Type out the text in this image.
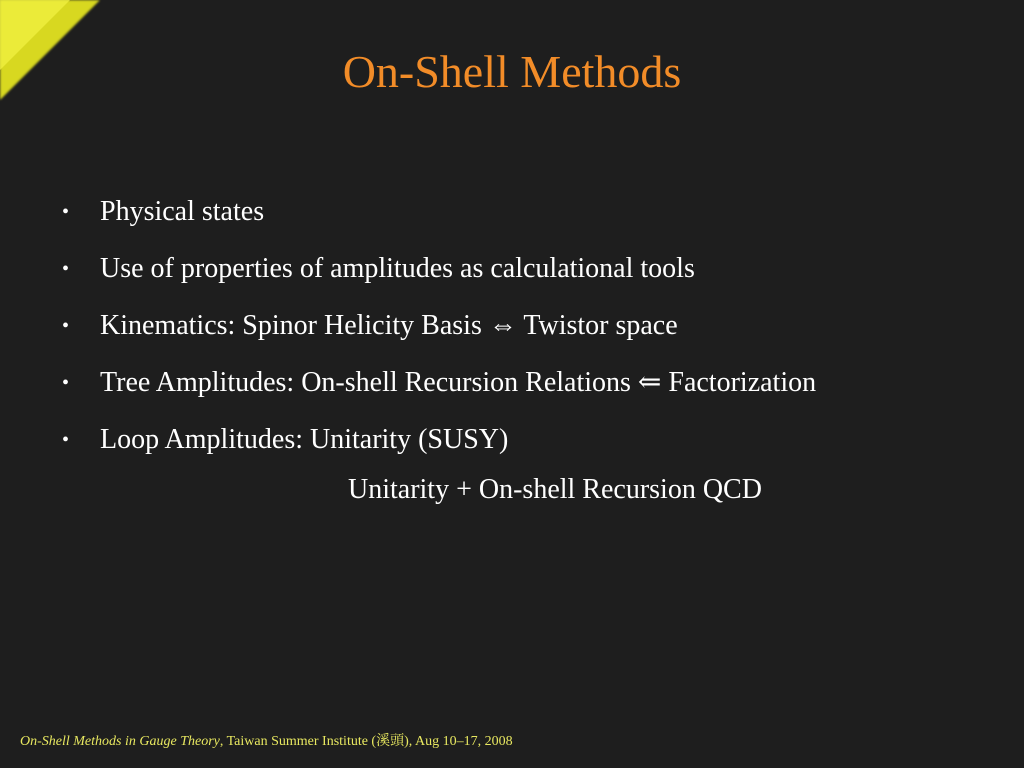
On-Shell Methods
• Physical states
• Use of properties of amplitudes as calculational tools
• Kinematics: Spinor Helicity Basis ⇔ Twistor space
• Tree Amplitudes: On-shell Recursion Relations ⇐ Factorization
• Loop Amplitudes: Unitarity (SUSY)
Unitarity + On-shell Recursion QCD
On-Shell Methods in Gauge Theory, Taiwan Summer Institute (溪頭), Aug 10–17, 2008
